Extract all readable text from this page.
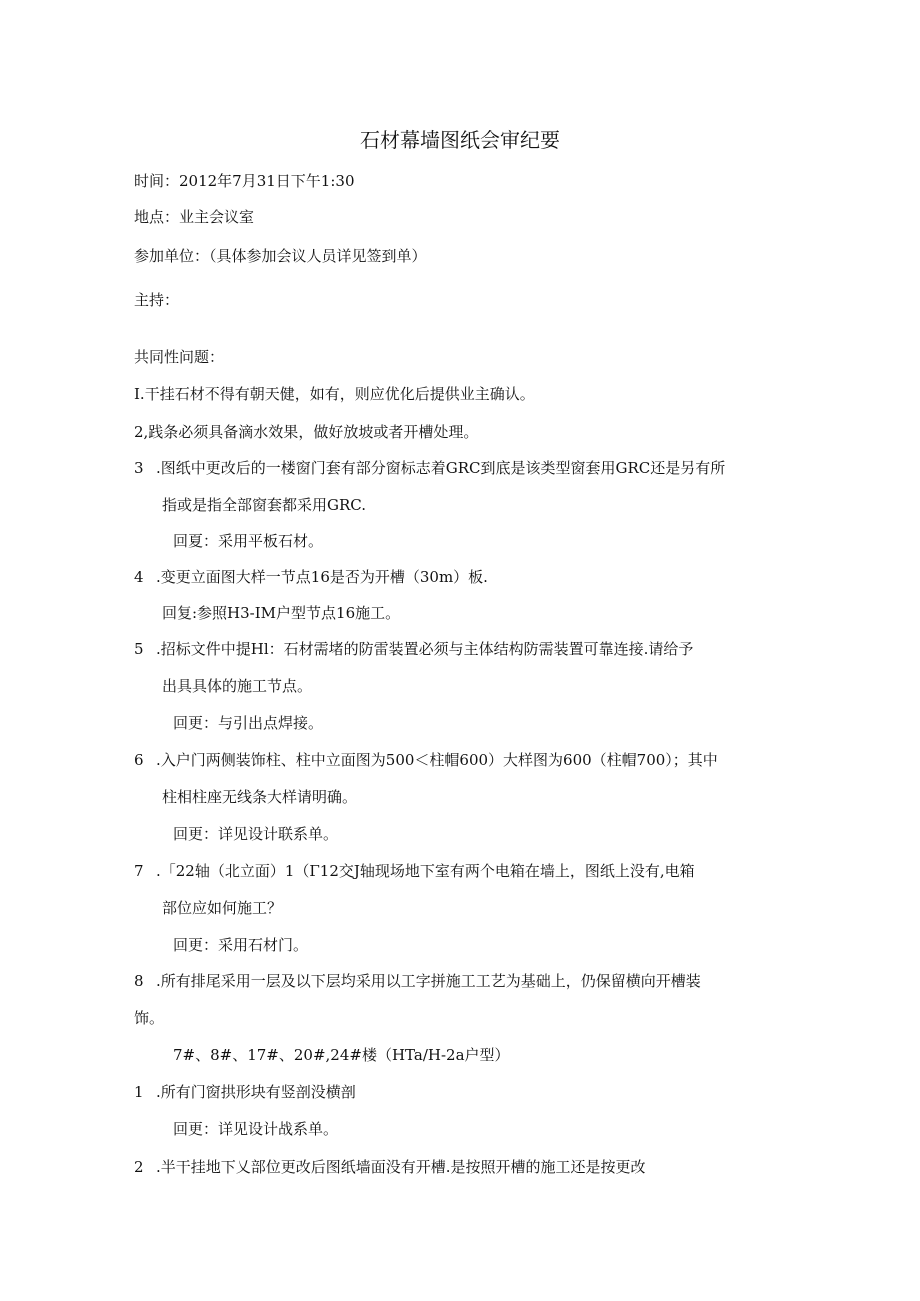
石材幕墙图纸会审纪要
时间：2012年7月31日下午1:30
地点：业主会议室
参加单位：（具体参加会议人员详见签到单）
主持：
共同性问题：
I.干挂石材不得有朝天健，如有，则应优化后提供业主确认。
2,践条必须具备滴水效果，做好放坡或者开槽处理。
3 .图纸中更改后的一楼窗门套有部分窗标志着GRC到底是该类型窗套用GRC还是另有所
指或是指全部窗套都采用GRC.
回夏：采用平板石材。
4 .变更立面图大样一节点16是否为开槽（30m）板.
回复:参照H3-IM户型节点16施工。
5 .招标文件中提Hl：石材需堵的防雷装置必须与主体结构防需装置可靠连接.请给予
出具具体的施工节点。
回更：与引出点焊接。
6 .入户门两侧装饰柱、柱中立面图为500＜柱帽600）大样图为600（柱帽700）；其中
柱相柱座无线条大样请明确。
回更：详见设计联系单。
7 .「22轴（北立面）1（Γ12交J轴现场地下室有两个电箱在墙上，图纸上没有,电箱
部位应如何施工？
回更：采用石材门。
8 .所有排尾采用一层及以下层均采用以工字拼施工工艺为基础上，仍保留横向开槽装
饰。
7#、8#、17#、20#,24#楼（HTa/H-2a户型）
1 .所有门窗拱形块有竖剖没横剖
回更：详见设计战系单。
2 .半干挂地下乂部位更改后图纸墙面没有开槽.是按照开槽的施工还是按更改
